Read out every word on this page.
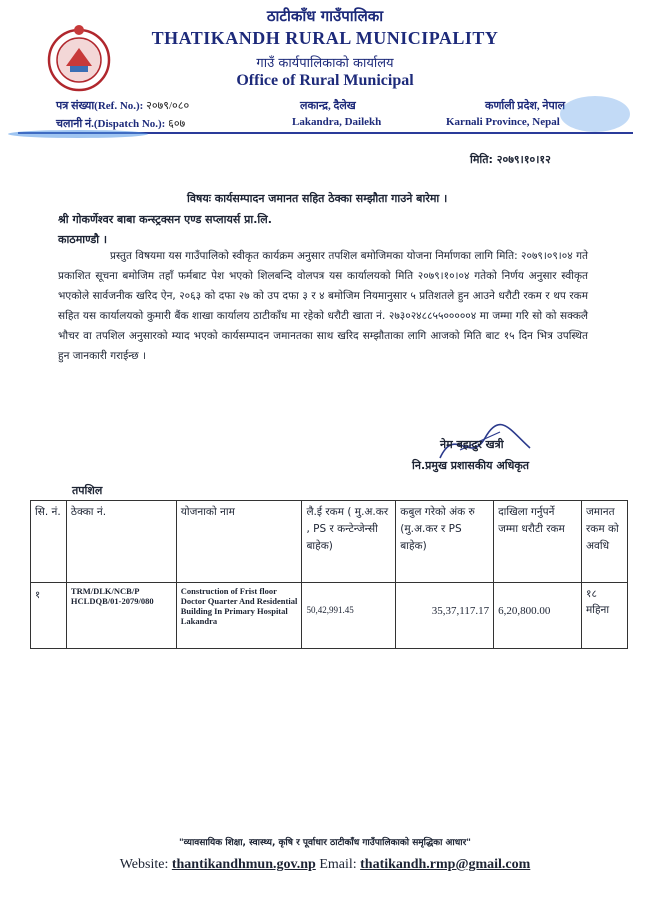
ठाटीकाँध गाउँपालिका
THATIKANDH RURAL MUNICIPALITY
गाउँ कार्यपालिकाको कार्यालय
Office of Rural Municipal
पत्र संख्या(Ref. No.): २०७९/०८०
चलानी नं.(Dispatch No.): ६०७
लकान्द्र, दैलेख
Lakandra, Dailekh
कर्णाली प्रदेश, नेपाल
Karnali Province, Nepal
मिति: २०७९।१०।१२
विषयः कार्यसम्पादन जमानत सहित ठेक्का सम्झौता गाउने बारेमा ।
श्री गोकर्णेश्वर बाबा कन्स्ट्रक्सन एण्ड सप्लायर्स प्रा.लि.
काठमाण्डौ ।
प्रस्तुत विषयमा यस गाउँपालिको स्वीकृत कार्यक्रम अनुसार तपशिल बमोजिमका योजना निर्माणका लागि मिति: २०७९।०९।०४ गते प्रकाशित सूचना बमोजिम तहाँ फर्मबाट पेश भएको शिलबन्दि वोलपत्र यस कार्यालयको मिति २०७९।१०।०४ गतेको निर्णय अनुसार स्वीकृत भएकोले सार्वजनीक खरिद ऐन, २०६३ को दफा २७ को उप दफा ३ र ४ बमोजिम नियमानुसार ५ प्रतिशतले हुन आउने धरौटी रकम र थप रकम सहित यस कार्यालयको कुमारी बैंक शाखा कार्यालय ठाटीकाँध मा रहेको धरौटी खाता नं. २७३०२४८८५५०००००४ मा जम्मा गरि सो को सक्कलै भौचर वा तपशिल अनुसारको म्याद भएको कार्यसम्पादन जमानतका साथ खरिद सम्झौताका लागि आजको मिति बाट १५ दिन भित्र उपस्थित हुन जानकारी गराईन्छ ।
नेम बहादुर खत्री
नि.प्रमुख प्रशासकीय अधिकृत
तपशिल
सि. नं.	ठेक्का नं.	योजनाको नाम	लै.ई रकम ( मु.अ.कर , PS र कन्टेन्जेन्सी बाहेक)	कबुल गरेको अंक रु (मु.अ.कर र PS बाहेक)	दाखिला गर्नुपर्ने जम्मा धरौटी रकम	जमानत रकम को अवधि
१	TRM/DLK/NCB/P HCLDQB/01-2079/080	Construction of Frist floor Doctor Quarter And Residential Building In Primary Hospital Lakandra	50,42,991.45	35,37,117.17	6,20,800.00	१८ महिना
"व्यावसायिक शिक्षा, स्वास्थ्य, कृषि र पूर्वाधार ठाटीकाँध गाउँपालिकाको समृद्धिका आधार"
Website: thantikandhmun.gov.np Email: thatikandh.rmp@gmail.com
